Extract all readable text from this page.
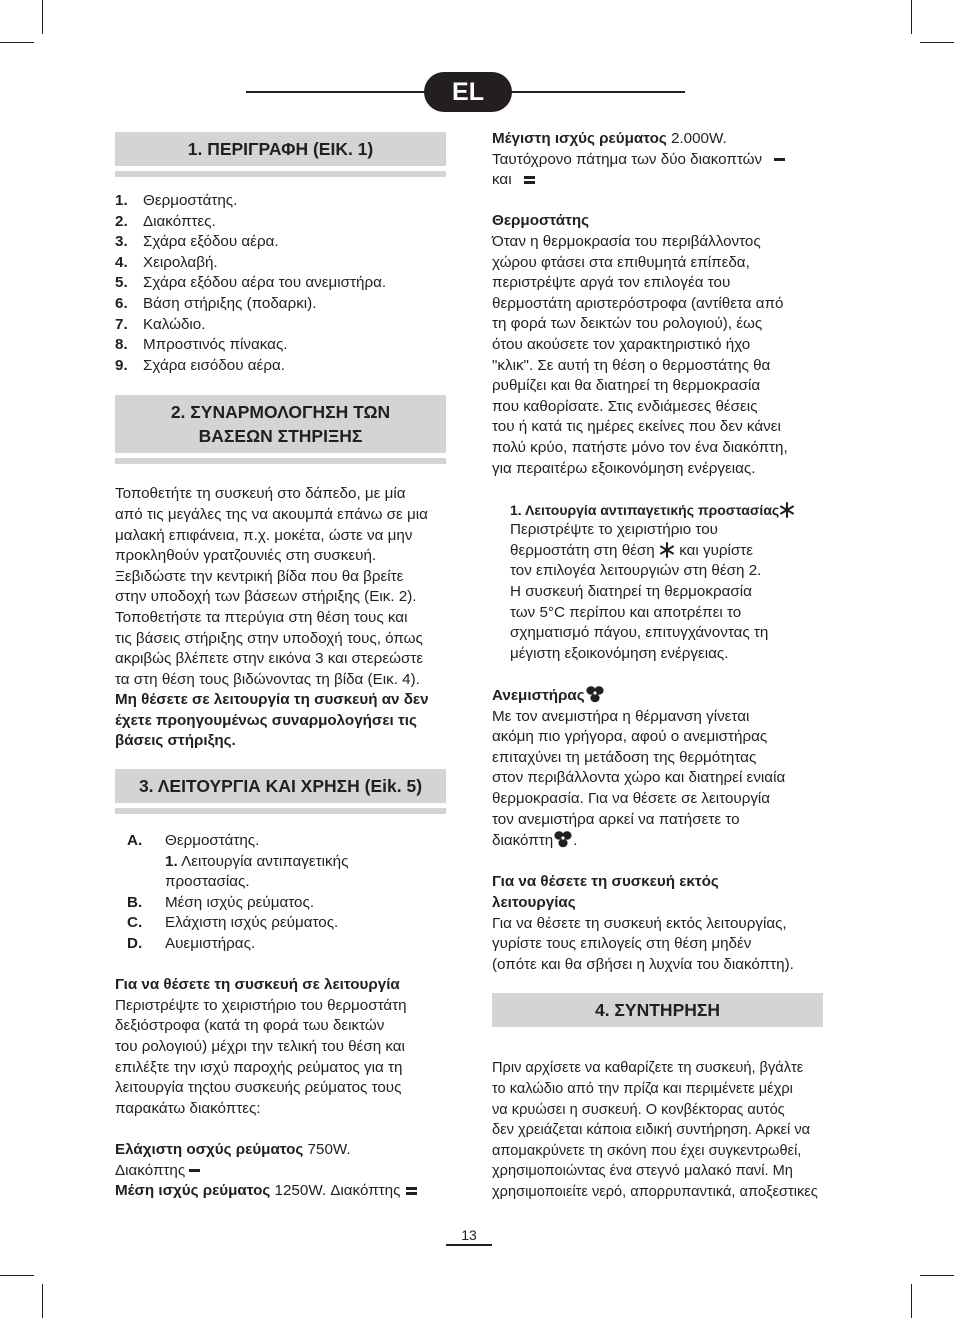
EL
1. ΠΕΡΙΓΡΑΦΗ (ΕΙΚ. 1)
1.	Θερμοστάτης.
2.	Διακόπτες.
3.	Σχάρα εξόδου αέρα.
4.	Χειρολαβή.
5.	Σχάρα εξόδου αέρα του ανεμιστήρα.
6.	Βάση στήριξης (ποδαρκι).
7.	Καλώδιο.
8.	Μπροστινός πίνακας.
9.	Σχάρα εισόδου αέρα.
2. ΣΥΝΑΡΜΟΛΟΓΗΣΗ ΤΩΝ
ΒΑΣΕΩΝ ΣΤΗΡΙΞΗΣ

Τοποθετήτε τη συσκευή στο δάπεδο, με μία

από τις μεγάλες της να ακουμπά επάνω σε μια

μαλακή επιφάνεια, π.χ. μοκέτα, ώστε να μην

προκληθούν γρατζουνιές στη συσκευή.

Ξεβιδώστε την κεντρική βίδα που θα βρείτε

στην υποδοχή των βάσεων στήριξης (Εικ. 2).

Τοποθετήστε τα πτερύγια στη θέση τους και

τις βάσεις στήριξης στην υποδοχή τους, όπως

ακριβώς βλέπετε στην εικόνα 3 και στερεώστε

τα στη θέση τους βιδώνοντας τη βίδα (Εικ. 4).

Μη θέσετε σε λειτουργία τη συσκευή αν δεν

έχετε προηγουμένως συναρμολογήσει τις

βάσεις στήριξης.

3. ΛΕΙΤΟΥΡΓΙΑ ΚΑΙ ΧΡΗΣΗ (Eik. 5)
A.	Θερμοστάτης.
1. Λειτουργία αντιπαγετικής
προστασίας.
B.	Μέση ισχύς ρεύματος.
C.	Ελάχιστη ισχύς ρεύματος.
D.	Αυεμιστήρας.

Για να θέσετε τη συσκευή σε λειτουργία

Περιστρέψτε το χειριστήριο του θερμοστάτη

δεξιόστροφα (κατά τη φορά τωυ δεικτών

του ρολογιού) μέχρι την τελική του θέση και

επιλέξτε την ισχύ παροχής ρεύματος για τη

λειτουργία τηςtου συσκευής ρεύματος τους

παρακάτω διακόπτες:

Ελάχιστη οσχύς ρεύματος 750W.

Διακόπτης

Μέση ισχύς ρεύματος 1250W. Διακόπτης

Μέγιστη ισχύς ρεύματος 2.000W.

Ταυτόχρονο πάτημα των δύο διακοπτών

και

Θερμοστάτης

Όταν η θερμοκρασία του περιβάλλοντος

χώρου φτάσει στα επιθυμητά επίπεδα,

περιστρέψτε αργά τον επιλογέα του

θερμοστάτη αριστερόστροφα (αντίθετα από

τη φορά των δεικτών του ρολογιού), έως

ότου ακούσετε τον χαρακτηριστικό ήχο

"κλικ". Σε αυτή τη θέση ο θερμοστάτης θα

ρυθμίζει και θα διατηρεί τη θερμοκρασία

που καθορίσατε. Στις ενδιάμεσες θέσεις

του ή κατά τις ημέρες εκείνες που δεν κάνει

πολύ κρύο, πατήστε μόνο τον ένα διακόπτη,

για περαιτέρω εξοικονόμηση ενέργειας.

1. Λειτουργία αντιπαγετικής προστασίας

Περιστρέψτε το χειριστήριο του

θερμοστάτη στη θέση  και γυρίστε

τον επιλογέα λειτουργιών στη θέση 2.

Η συσκευή διατηρεί τη θερμοκρασία

των 5°C περίπου και αποτρέπει το

σχηματισμό πάγου, επιτυγχάνοντας τη

μέγιστη εξοικονόμηση ενέργειας.

Ανεμιστήρας

Με τον ανεμιστήρα η θέρμανση γίνεται

ακόμη πιο γρήγορα, αφού ο ανεμιστήρας

επιταχύνει τη μετάδοση της θερμότητας

στον περιβάλλοντα χώρο και διατηρεί ενιαία

θερμοκρασία. Για να θέσετε σε λειτουργία

τον ανεμιστήρα αρκεί να πατήσετε το

διακόπτη .

Για να θέσετε τη συσκευή εκτός

λειτουργίας

Για να θέσετε τη συσκευή εκτός λειτουργίας,

γυρίστε τους επιλογείς στη θέση μηδέν

(οπότε και θα σβήσει η λυχνία του διακόπτη).

4. ΣΥΝΤΗΡΗΣΗ

Πριν αρχίσετε να καθαρίζετε τη συσκευή, βγάλτε

το καλώδιο από την πρίζα και περιμένετε μέχρι

να κρυώσει η συσκευή. Ο κονβέκτορας αυτός

δεν χρειάζεται κάποια ειδική συντήρηση. Αρκεί να

απομακρύνετε τη σκόνη που έχει συγκεντρωθεί,

χρησιμοποιώντας ένα στεγνό μαλακό πανί. Μη

χρησιμοποιείτε νερό, απορρυπαντικά, αποξεστικες

13
